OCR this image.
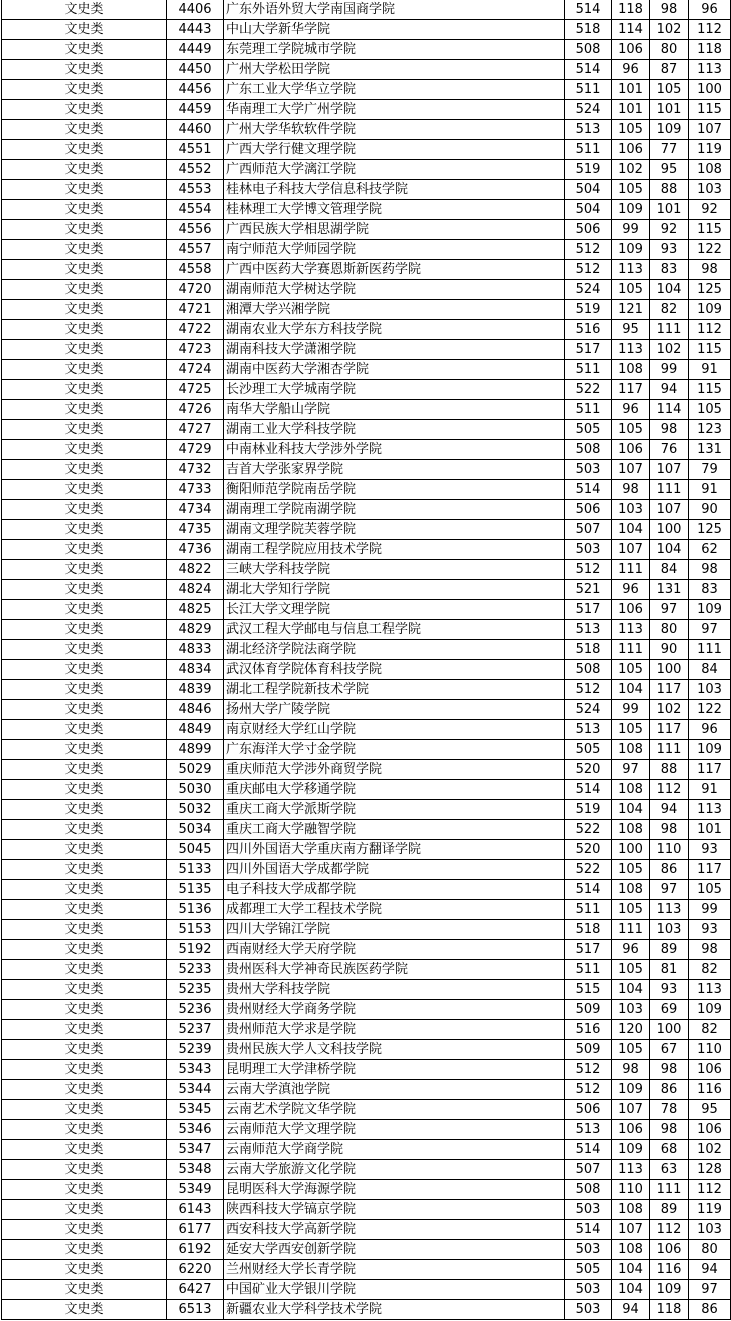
文史类	4406	广东外语外贸大学南国商学院	514	118	98	96
文史类	4443	中山大学新华学院	518	114	102	112
文史类	4449	东莞理工学院城市学院	508	106	80	118
文史类	4450	广州大学松田学院	514	96	87	113
文史类	4456	广东工业大学华立学院	511	101	105	100
文史类	4459	华南理工大学广州学院	524	101	101	115
文史类	4460	广州大学华软软件学院	513	105	109	107
文史类	4551	广西大学行健文理学院	511	106	77	119
文史类	4552	广西师范大学漓江学院	519	102	95	108
文史类	4553	桂林电子科技大学信息科技学院	504	105	88	103
文史类	4554	桂林理工大学博文管理学院	504	109	101	92
文史类	4556	广西民族大学相思湖学院	506	99	92	115
文史类	4557	南宁师范大学师园学院	512	109	93	122
文史类	4558	广西中医药大学赛恩斯新医药学院	512	113	83	98
文史类	4720	湖南师范大学树达学院	524	105	104	125
文史类	4721	湘潭大学兴湘学院	519	121	82	109
文史类	4722	湖南农业大学东方科技学院	516	95	111	112
文史类	4723	湖南科技大学潇湘学院	517	113	102	115
文史类	4724	湖南中医药大学湘杏学院	511	108	99	91
文史类	4725	长沙理工大学城南学院	522	117	94	115
文史类	4726	南华大学船山学院	511	96	114	105
文史类	4727	湖南工业大学科技学院	505	105	98	123
文史类	4729	中南林业科技大学涉外学院	508	106	76	131
文史类	4732	吉首大学张家界学院	503	107	107	79
文史类	4733	衡阳师范学院南岳学院	514	98	111	91
文史类	4734	湖南理工学院南湖学院	506	103	107	90
文史类	4735	湖南文理学院芙蓉学院	507	104	100	125
文史类	4736	湖南工程学院应用技术学院	503	107	104	62
文史类	4822	三峡大学科技学院	512	111	84	98
文史类	4824	湖北大学知行学院	521	96	131	83
文史类	4825	长江大学文理学院	517	106	97	109
文史类	4829	武汉工程大学邮电与信息工程学院	513	113	80	97
文史类	4833	湖北经济学院法商学院	518	111	90	111
文史类	4834	武汉体育学院体育科技学院	508	105	100	84
文史类	4839	湖北工程学院新技术学院	512	104	117	103
文史类	4846	扬州大学广陵学院	524	99	102	122
文史类	4849	南京财经大学红山学院	513	105	117	96
文史类	4899	广东海洋大学寸金学院	505	108	111	109
文史类	5029	重庆师范大学涉外商贸学院	520	97	88	117
文史类	5030	重庆邮电大学移通学院	514	108	112	91
文史类	5032	重庆工商大学派斯学院	519	104	94	113
文史类	5034	重庆工商大学融智学院	522	108	98	101
文史类	5045	四川外国语大学重庆南方翻译学院	520	100	110	93
文史类	5133	四川外国语大学成都学院	522	105	86	117
文史类	5135	电子科技大学成都学院	514	108	97	105
文史类	5136	成都理工大学工程技术学院	511	105	113	99
文史类	5153	四川大学锦江学院	518	111	103	93
文史类	5192	西南财经大学天府学院	517	96	89	98
文史类	5233	贵州医科大学神奇民族医药学院	511	105	81	82
文史类	5235	贵州大学科技学院	515	104	93	113
文史类	5236	贵州财经大学商务学院	509	103	69	109
文史类	5237	贵州师范大学求是学院	516	120	100	82
文史类	5239	贵州民族大学人文科技学院	509	105	67	110
文史类	5343	昆明理工大学津桥学院	512	98	98	106
文史类	5344	云南大学滇池学院	512	109	86	116
文史类	5345	云南艺术学院文华学院	506	107	78	95
文史类	5346	云南师范大学文理学院	513	106	98	106
文史类	5347	云南师范大学商学院	514	109	68	102
文史类	5348	云南大学旅游文化学院	507	113	63	128
文史类	5349	昆明医科大学海源学院	508	110	111	112
文史类	6143	陕西科技大学镐京学院	503	108	89	119
文史类	6177	西安科技大学高新学院	514	107	112	103
文史类	6192	延安大学西安创新学院	503	108	106	80
文史类	6220	兰州财经大学长青学院	505	104	116	94
文史类	6427	中国矿业大学银川学院	503	104	109	97
文史类	6513	新疆农业大学科学技术学院	503	94	118	86
